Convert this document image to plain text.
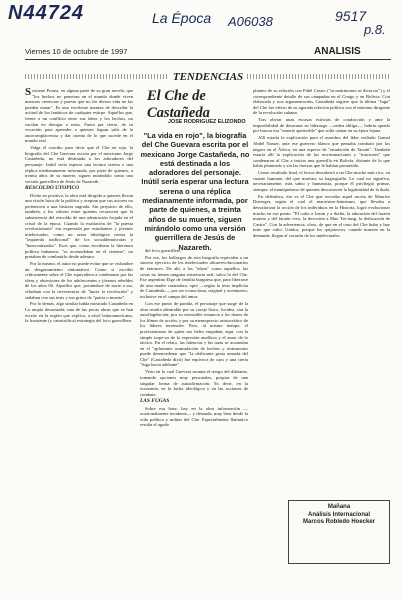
N44724	La Época A06038	9517
p.8.
Viernes 10 de octubre de 1997	ANALISIS
TENDENCIAS

Sostiene Proust, en alguna parte de su gran novela, que "los hechos no penetran en el mundo donde viven nuestras creencias y puesto que no les dieron vida no las pueden matar". Es una excelente manera de describir la actitud de los fanáticos de cualquier estirpe. Aquellos que, frente a un conflicto entre sus ideas y los hechos, no vacilan en derogar a estos. Fuera por cierto, de su vocación para aprender a quienes logran salir de la autocomplacencia y dar cuenta de lo que sucede en el mundo real.

Valga el exordio para decir que el Che en rojo, la biografía del Che Guevara escrita por el mexicano Jorge Castañeda, no está destinada a los adoradores del personaje. Inútil sería esperar una lectura serena o una réplica medianamente informada, por parte de quienes, a treinta años de su muerte, siguen mirándolo como una versión guerrillera de Jesús de Nazareth.

RESCOLDO UTOPICO

Dicho en positivo, la obra está dirigida a quienes llevan una visión laica de la política y aceptan que sus actores no pertenecen a una historia sagrada. Sin perjuicio de ello, también, a los valores entre quienes reconocen que la subsistencia del rescoldo de una admiración forjada en el crisol de la época. Cuando la exaltación de "la puesta revolucionaria" era expresada por estudiantes y jóvenes intelectuales, como un arma ideológica contra la "izquierda tradicional" de los socialdemócratas y "burocratizados". Esos que, como escribiera la literatura política habanera, "se acomodaban en el sistema", no pretaban de combatirlo desde adentro.

Por lo mismo, el autor no puede evitar que se vislumbre un desgarramiento sintomático. Como si escribir críticamente sobre el Che equivaliera a condenarse por las ideas y obsesiones de los adolescentes y jóvenes rebeldes de los años 60. Aquellos que, portándose de norte a sur, vibraban con la irreverencia de "hacer la revolución" y soñaban con sus tesis y sus gritos de "patria o muerte".

Por lo demás, algo similar había mostrado Castañeda en La utopía desarmada, una de las pocas obras que se han escrito en la región que explica, a nivel latinoamericano, la frustrante (y catastrófica) estrategia del foco guerrillero.

El Che de Castañeda
JOSE RODRIGUEZ ELIZONDO
"La vida en rojo", la biografía del Che Guevara escrita por el mexicano Jorge Castañeda, no está destinada a los adoradores del personaje. Inútil sería esperar una lectura serena o una réplica medianamente informada, por parte de quienes, a treinta años de su muerte, siguen mirándolo como una versión guerrillera de Jesús de Nazareth.

del foco guerrillero.

Por eso, los hallazgos de esta biografía equivalen a un sincero ejercicio de los intelectuales ultrarrevolucionarios de entonces. De ahí, a los "ultras" como aquellos, las cosas no tienen ninguna existencia real, salvo la del Che. Ese argentino Elgo de familia burguesa que, para liberarse de una madre castradora, optó —según la tesis implícita de Castañeda—, por ser iconoclasta, original y aventurero, inclusive en el campo del amor.

Con ese punto de partida, el personaje que surge de la obra resulta admirable por su coraje físico, lucidez, con la autoflagelación; por su ostensible renuncia a los dones de los filmes de acción, y por su menosprecio aristocrático de los líderes terrenales. Pero, al mismo tiempo, el profesionismo de quien sus fieles empañan, aquí, con la simple torpe-za de la expresión analítica y el amor de lo táctico. En el relato, las falencias y las taras se acumulan en el "aplastante acumulación de hechos y testimonios puede desencadenar que "la deificante gesta armada del Che" (Castañeda dixit) fue equívoca de caos y una cierta "fuga hacia adelante".

Visto en lo cual Guevara asumía el riesgo del diletante, tomando opciones muy personales, propias de una singular forma de autoafirmación. Es decir, en la economía, en la lucha ideológica y en las acciones de combate.

LAS FUGAS

Sobre esa base, hay en la obra información —ocasionalmente incidente— y desnuda, muy bien desde la vida política y militar del Che. Especialmente llamativo resulta el agudo

planteo de su relación con Fidel Castro ("ni matrimonio ni divorcio") y el correspondiente detalle de sus campañas en el Congo y en Bolivia. Con elaborada y rica argumentación, Castañeda sugiere que la última "fuga" del Che fue efecto de su agotada relación política con el máximo dirigente de la revolución cubana.

Tras obviar unas escasas estrictas de conducción y ante la imposibilidad de desacatar su liderazgo —orden obliga—, habría optado por buscar esa "muerte apetecible" que solía cantar en su épica lejana.

Allí estaría la explicación para el asombro del líder exiliado Gamal Abdel Nasser, ante ese guerrero blanco que pensaba combatir por los negros en el África, en una especie de "emulación de Tarzán". También estaría allí la explicación de las recriminaciones y "traiciones" que condenaron al Che a iniciar una guerrilla en Bolivia, distante de la que había planteado y sin las fuerzas que le habían prometido.

Como resultado final, el lector descubrirá a un Che mucho más rico, en cuanto humano, del que muestra su hagiografía. Lo cual no significa, necesariamente, más sabio y humanista, porque él privilegió primar, siempre, el maniqueísmo de quienes desconocen la legitimidad de la duda.

En definitiva, ése es el Che que recordar aquel asceta de Maurice Duverger, según el cual el marxismo-leninismo, que llevaba a desvalorizar la acción de los individuos en la Historia, logró evolucionar mucho en ese punto: "El culto a Lenin y a Stalin, la adoración del faraón muerto y del faraón vivo, la devoción a Mao Tse-tung, la deificación de Castro". Con la advertencia, claro, de que en el caso del Che hubo y hay mito que culto. Unidos, porque los quijotescos, cuando mueren en la demanda, llegan al corazón de los intelectuales.

Mañana
Análisis Internacional
Marcos Robledo Hoecker
